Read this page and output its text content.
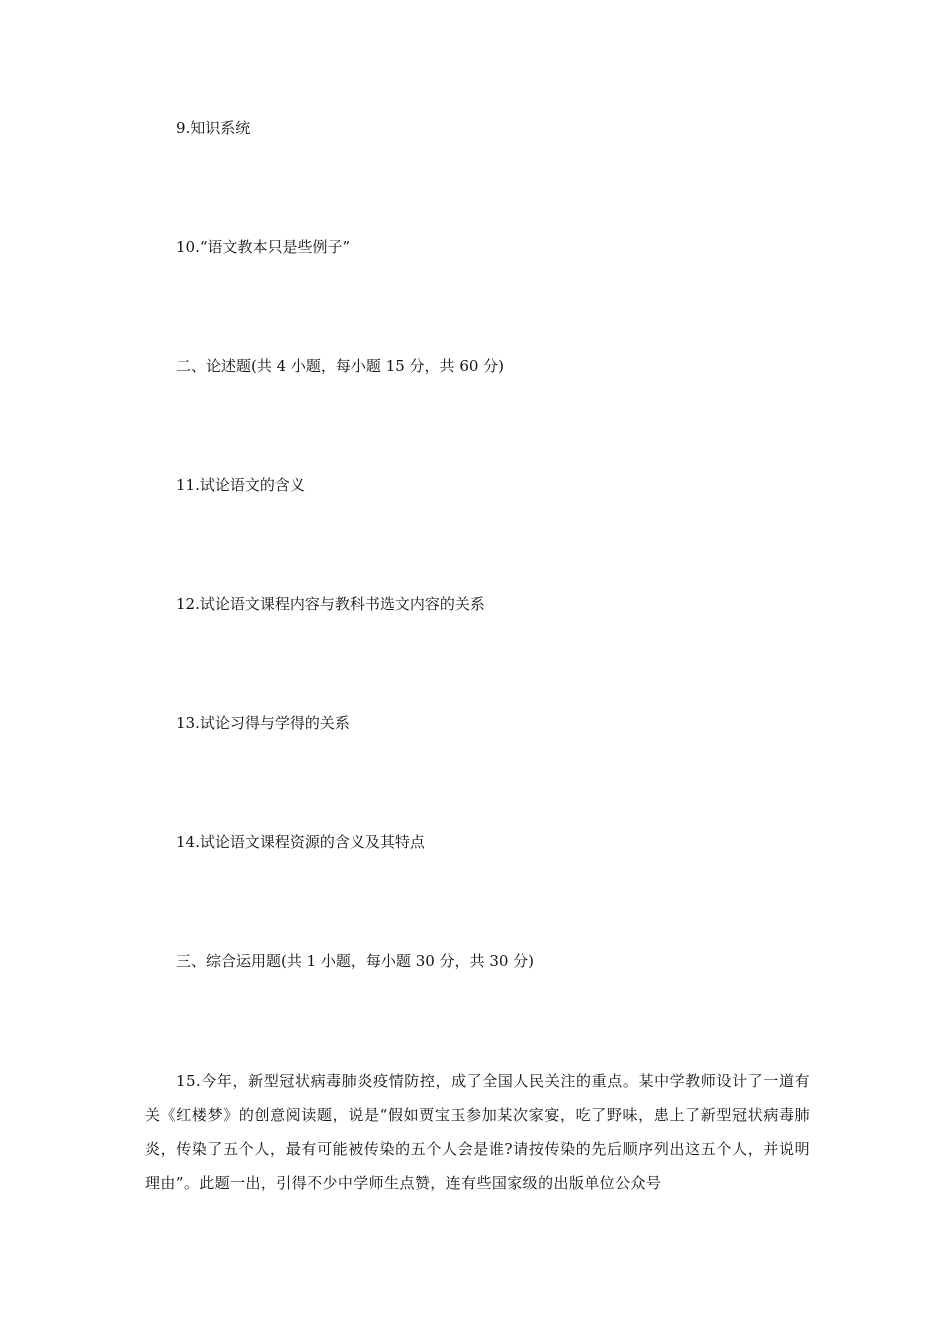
9.知识系统
10.“语文教本只是些例子”
二、论述题(共 4 小题，每小题 15 分，共 60 分)
11.试论语文的含义
12.试论语文课程内容与教科书选文内容的关系
13.试论习得与学得的关系
14.试论语文课程资源的含义及其特点
三、综合运用题(共 1 小题，每小题 30 分，共 30 分)
15.今年，新型冠状病毒肺炎疫情防控，成了全国人民关注的重点。某中学教师设计了一道有关《红楼梦》的创意阅读题，说是“假如贾宝玉参加某次家宴，吃了野味，患上了新型冠状病毒肺炎，传染了五个人，最有可能被传染的五个人会是谁?请按传染的先后顺序列出这五个人，并说明理由”。此题一出，引得不少中学师生点赞，连有些国家级的出版单位公众号
